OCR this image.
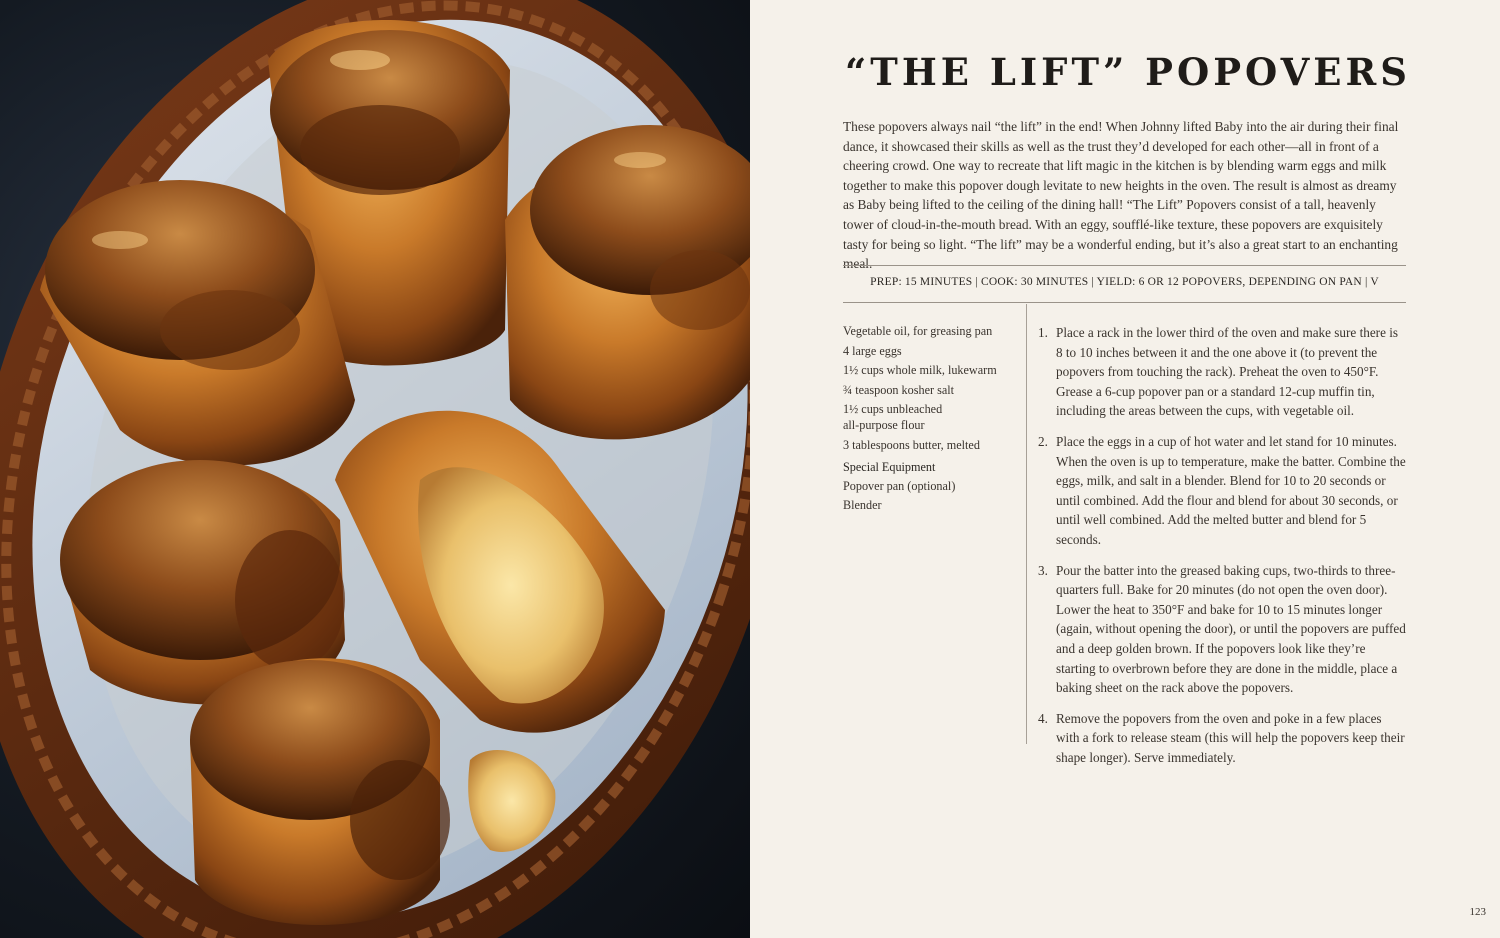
“THE LIFT” POPOVERS

These popovers always nail “the lift” in the end! When Johnny lifted Baby into the air during their final dance, it showcased their skills as well as the trust they’d developed for each other—all in front of a cheering crowd. One way to recreate that lift magic in the kitchen is by blending warm eggs and milk together to make this popover dough levitate to new heights in the oven. The result is almost as dreamy as Baby being lifted to the ceiling of the dining hall! “The Lift” Popovers consist of a tall, heavenly tower of cloud-in-the-mouth bread. With an eggy, soufflé-like texture, these popovers are exquisitely tasty for being so light. “The lift” may be a wonderful ending, but it’s also a great start to an enchanting meal.

PREP: 15 MINUTES | COOK: 30 MINUTES | YIELD: 6 OR 12 POPOVERS, DEPENDING ON PAN | V

Vegetable oil, for greasing pan

4 large eggs

1½ cups whole milk, lukewarm

¾ teaspoon kosher salt

1½ cups unbleached all-purpose flour

3 tablespoons butter, melted

Special Equipment

Popover pan (optional)

Blender

1. Place a rack in the lower third of the oven and make sure there is 8 to 10 inches between it and the one above it (to prevent the popovers from touching the rack). Preheat the oven to 450°F. Grease a 6-cup popover pan or a standard 12-cup muffin tin, including the areas between the cups, with vegetable oil.
2. Place the eggs in a cup of hot water and let stand for 10 minutes. When the oven is up to temperature, make the batter. Combine the eggs, milk, and salt in a blender. Blend for 10 to 20 seconds or until combined. Add the flour and blend for about 30 seconds, or until well combined. Add the melted butter and blend for 5 seconds.
3. Pour the batter into the greased baking cups, two-thirds to three-quarters full. Bake for 20 minutes (do not open the oven door). Lower the heat to 350°F and bake for 10 to 15 minutes longer (again, without opening the door), or until the popovers are puffed and a deep golden brown. If the popovers look like they’re starting to overbrown before they are done in the middle, place a baking sheet on the rack above the popovers.
4. Remove the popovers from the oven and poke in a few places with a fork to release steam (this will help the popovers keep their shape longer). Serve immediately.
123
